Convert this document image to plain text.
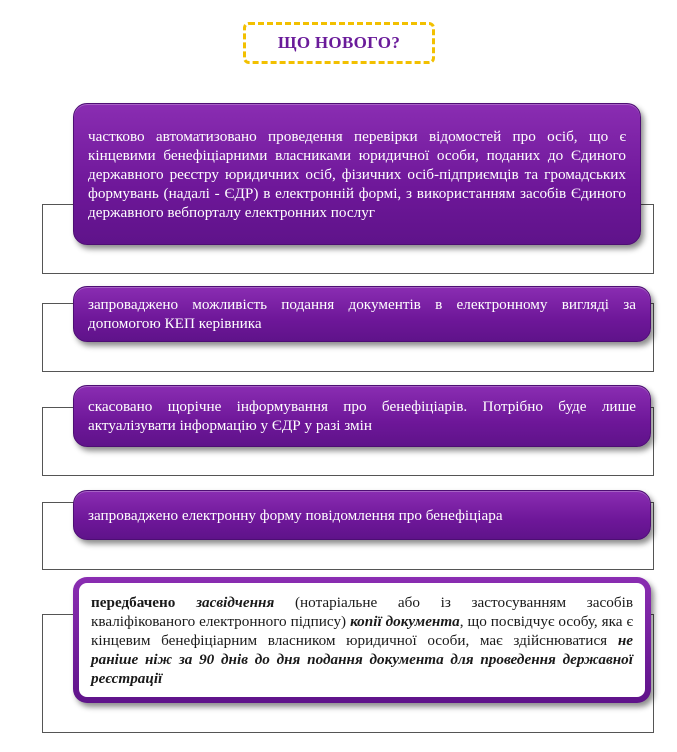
ЩО НОВОГО?
частково автоматизовано проведення перевірки відомостей про осіб, що є кінцевими бенефіціарними власниками юридичної особи, поданих до Єдиного державного реєстру юридичних осіб, фізичних осіб-підприємців та громадських формувань (надалі - ЄДР) в електронній формі, з використанням засобів Єдиного державного вебпорталу електронних послуг
запроваджено можливість подання документів в електронному вигляді за допомогою КЕП керівника
скасовано щорічне інформування про бенефіціарів. Потрібно буде лише актуалізувати інформацію у ЄДР у разі змін
запроваджено електронну форму повідомлення про бенефіціара
передбачено засвідчення (нотаріальне або із застосуванням засобів кваліфікованого електронного підпису) копії документа, що посвідчує особу, яка є кінцевим бенефіціарним власником юридичної особи, має здійснюватися не раніше ніж за 90 днів до дня подання документа для проведення державної реєстрації
